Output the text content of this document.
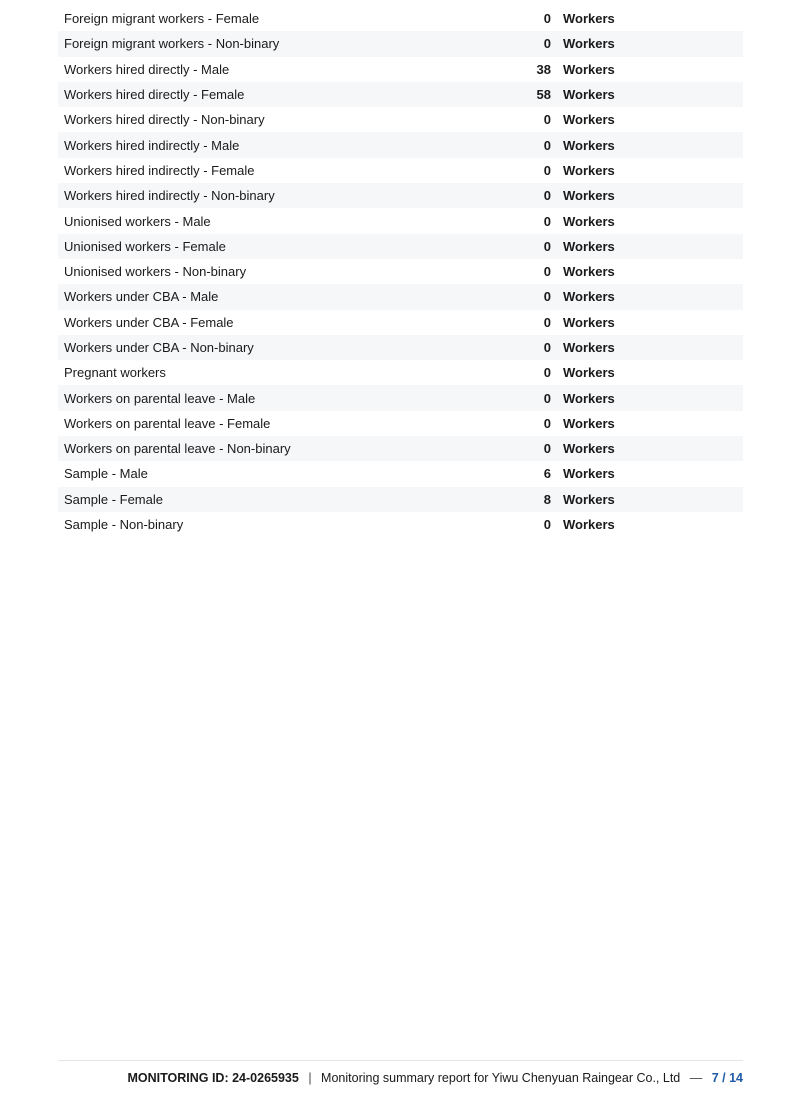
Foreign migrant workers - Female	0 Workers
Foreign migrant workers - Non-binary	0 Workers
Workers hired directly - Male	38 Workers
Workers hired directly - Female	58 Workers
Workers hired directly - Non-binary	0 Workers
Workers hired indirectly - Male	0 Workers
Workers hired indirectly - Female	0 Workers
Workers hired indirectly - Non-binary	0 Workers
Unionised workers - Male	0 Workers
Unionised workers - Female	0 Workers
Unionised workers - Non-binary	0 Workers
Workers under CBA - Male	0 Workers
Workers under CBA - Female	0 Workers
Workers under CBA - Non-binary	0 Workers
Pregnant workers	0 Workers
Workers on parental leave - Male	0 Workers
Workers on parental leave - Female	0 Workers
Workers on parental leave - Non-binary	0 Workers
Sample - Male	6 Workers
Sample - Female	8 Workers
Sample - Non-binary	0 Workers
MONITORING ID: 24-0265935 | Monitoring summary report for Yiwu Chenyuan Raingear Co., Ltd — 7 / 14
